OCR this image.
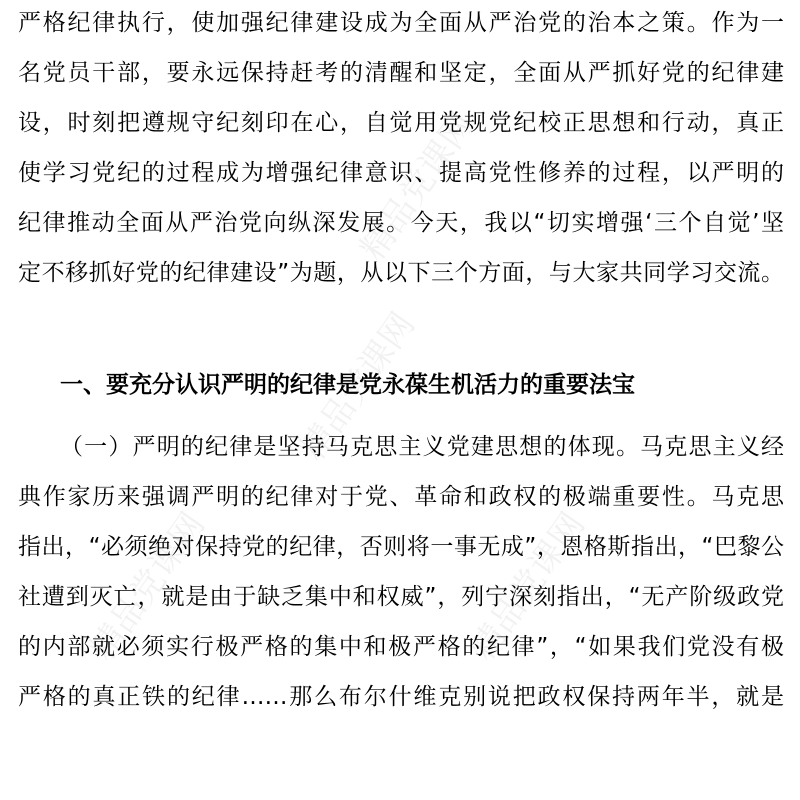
精品党课网
精品党课网
精品党课网	精品党课网
严格纪律执行，使加强纪律建设成为全面从严治党的治本之策。作为一
名党员干部，要永远保持赶考的清醒和坚定，全面从严抓好党的纪律建
设，时刻把遵规守纪刻印在心，自觉用党规党纪校正思想和行动，真正
使学习党纪的过程成为增强纪律意识、提高党性修养的过程，以严明的
纪律推动全面从严治党向纵深发展。今天，我以“切实增强‘三个自觉’坚
定不移抓好党的纪律建设”为题，从以下三个方面，与大家共同学习交流。
一、要充分认识严明的纪律是党永葆生机活力的重要法宝
（一）严明的纪律是坚持马克思主义党建思想的体现。马克思主义经
典作家历来强调严明的纪律对于党、革命和政权的极端重要性。马克思
指出，“必须绝对保持党的纪律，否则将一事无成”，恩格斯指出，“巴黎公
社遭到灭亡，就是由于缺乏集中和权威”，列宁深刻指出，“无产阶级政党
的内部就必须实行极严格的集中和极严格的纪律”，“如果我们党没有极
严格的真正铁的纪律……那么布尔什维克别说把政权保持两年半，就是
